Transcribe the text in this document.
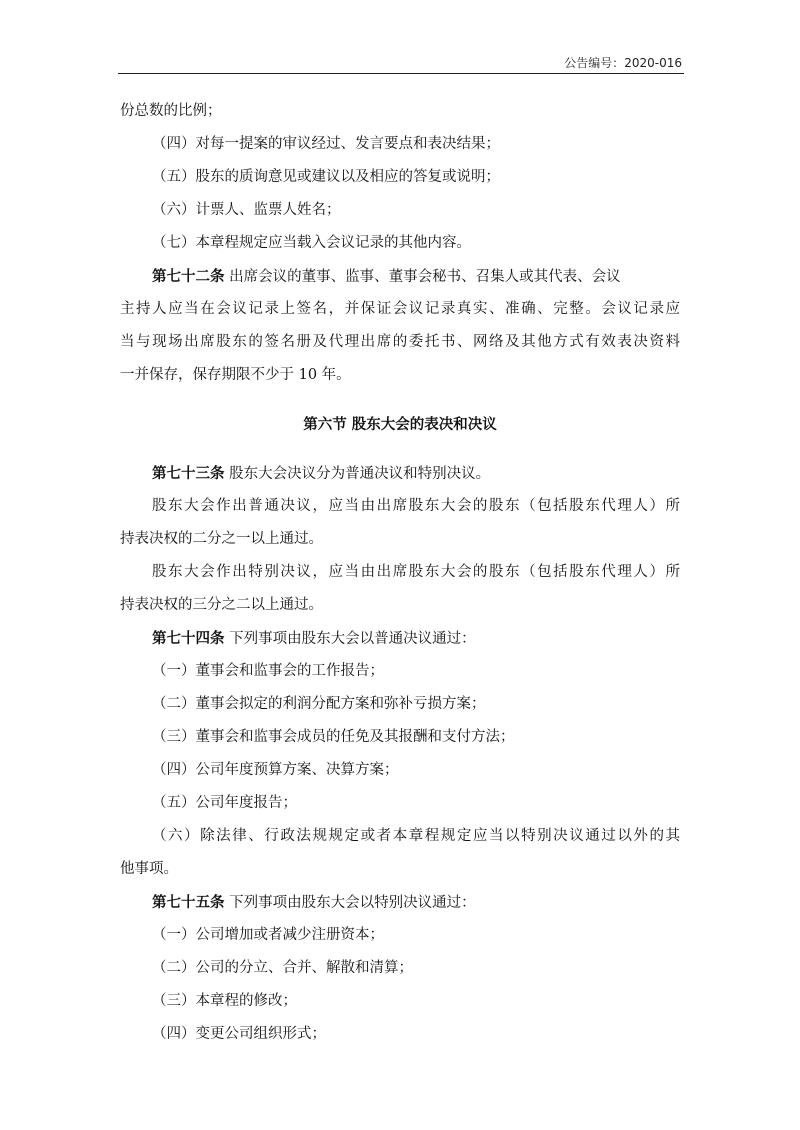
公告编号：2020-016
份总数的比例；
（四）对每一提案的审议经过、发言要点和表决结果；
（五）股东的质询意见或建议以及相应的答复或说明；
（六）计票人、监票人姓名；
（七）本章程规定应当载入会议记录的其他内容。
第七十二条 出席会议的董事、监事、董事会秘书、召集人或其代表、会议
主持人应当在会议记录上签名，并保证会议记录真实、准确、完整。会议记录应
当与现场出席股东的签名册及代理出席的委托书、网络及其他方式有效表决资料
一并保存，保存期限不少于 10 年。
第六节 股东大会的表决和决议
第七十三条 股东大会决议分为普通决议和特别决议。
股东大会作出普通决议，应当由出席股东大会的股东（包括股东代理人）所
持表决权的二分之一以上通过。
股东大会作出特别决议，应当由出席股东大会的股东（包括股东代理人）所
持表决权的三分之二以上通过。
第七十四条 下列事项由股东大会以普通决议通过：
（一）董事会和监事会的工作报告；
（二）董事会拟定的利润分配方案和弥补亏损方案；
（三）董事会和监事会成员的任免及其报酬和支付方法；
（四）公司年度预算方案、决算方案；
（五）公司年度报告；
（六）除法律、行政法规规定或者本章程规定应当以特别决议通过以外的其
他事项。
第七十五条 下列事项由股东大会以特别决议通过：
（一）公司增加或者减少注册资本；
（二）公司的分立、合并、解散和清算；
（三）本章程的修改；
（四）变更公司组织形式；
